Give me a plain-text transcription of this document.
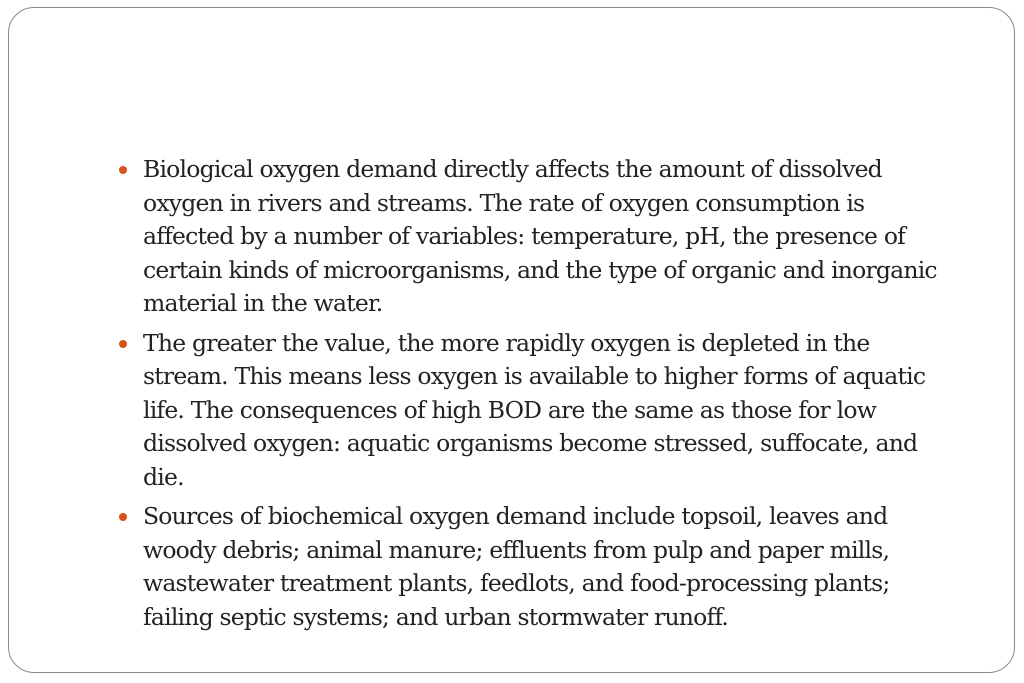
Biological oxygen demand directly affects the amount of dissolved oxygen in rivers and streams. The rate of oxygen consumption is affected by a number of variables: temperature, pH, the presence of certain kinds of microorganisms, and the type of organic and inorganic material in the water.
The greater the value, the more rapidly oxygen is depleted in the stream. This means less oxygen is available to higher forms of aquatic life. The consequences of high BOD are the same as those for low dissolved oxygen: aquatic organisms become stressed, suffocate, and die.
Sources of biochemical oxygen demand include topsoil, leaves and woody debris; animal manure; effluents from pulp and paper mills, wastewater treatment plants, feedlots, and food-processing plants; failing septic systems; and urban stormwater runoff.
